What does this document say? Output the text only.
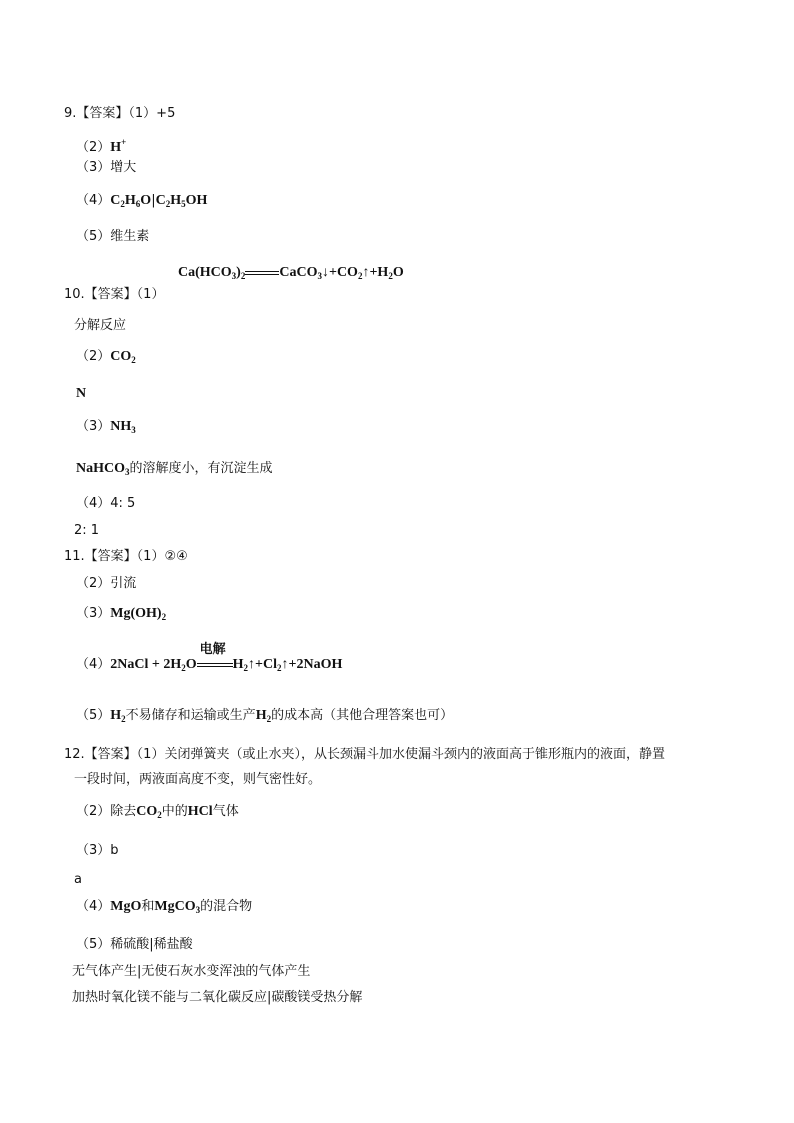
9.【答案】（1）+5
（2）H+
（3）增大
$(4)C_2H_6O|C_2H_5OH$
（5）维生素
$Ca(HCO_3)_2$ $CaCO_3↓+CO_2↑+H_2O$
10.【答案】（1）
分解反应
$(2)CO_2$
N
$(3)NH_3$
NaHCO$_3$的溶解度小，有沉淀生成
（4）4: 5
2: 1
11.【答案】（1）②④
（2）引流
$(3)Mg(OH)_2$
（4）2NaCl + $2H_2O$
电解
$H_2↑+Cl_2↑+2NaOH$
$(5)H_2$不易储存和运输或生产$H_2$的成本高（其他合理答案也可）
12.【答案】（1）关闭弹簧夹（或止水夹），从长颈漏斗加水使漏斗颈内的液面高于锥形瓶内的液面，静置
一段时间，两液面高度不变，则气密性好。
（2）除去$CO_2$中的HCl气体
（3）b
a
（4）MgO和MgCO$_3$的混合物
（5）稀硫酸|稀盐酸
无气体产生|无使石灰水变浑浊的气体产生
加热时氧化镁不能与二氧化碳反应|碳酸镁受热分解
